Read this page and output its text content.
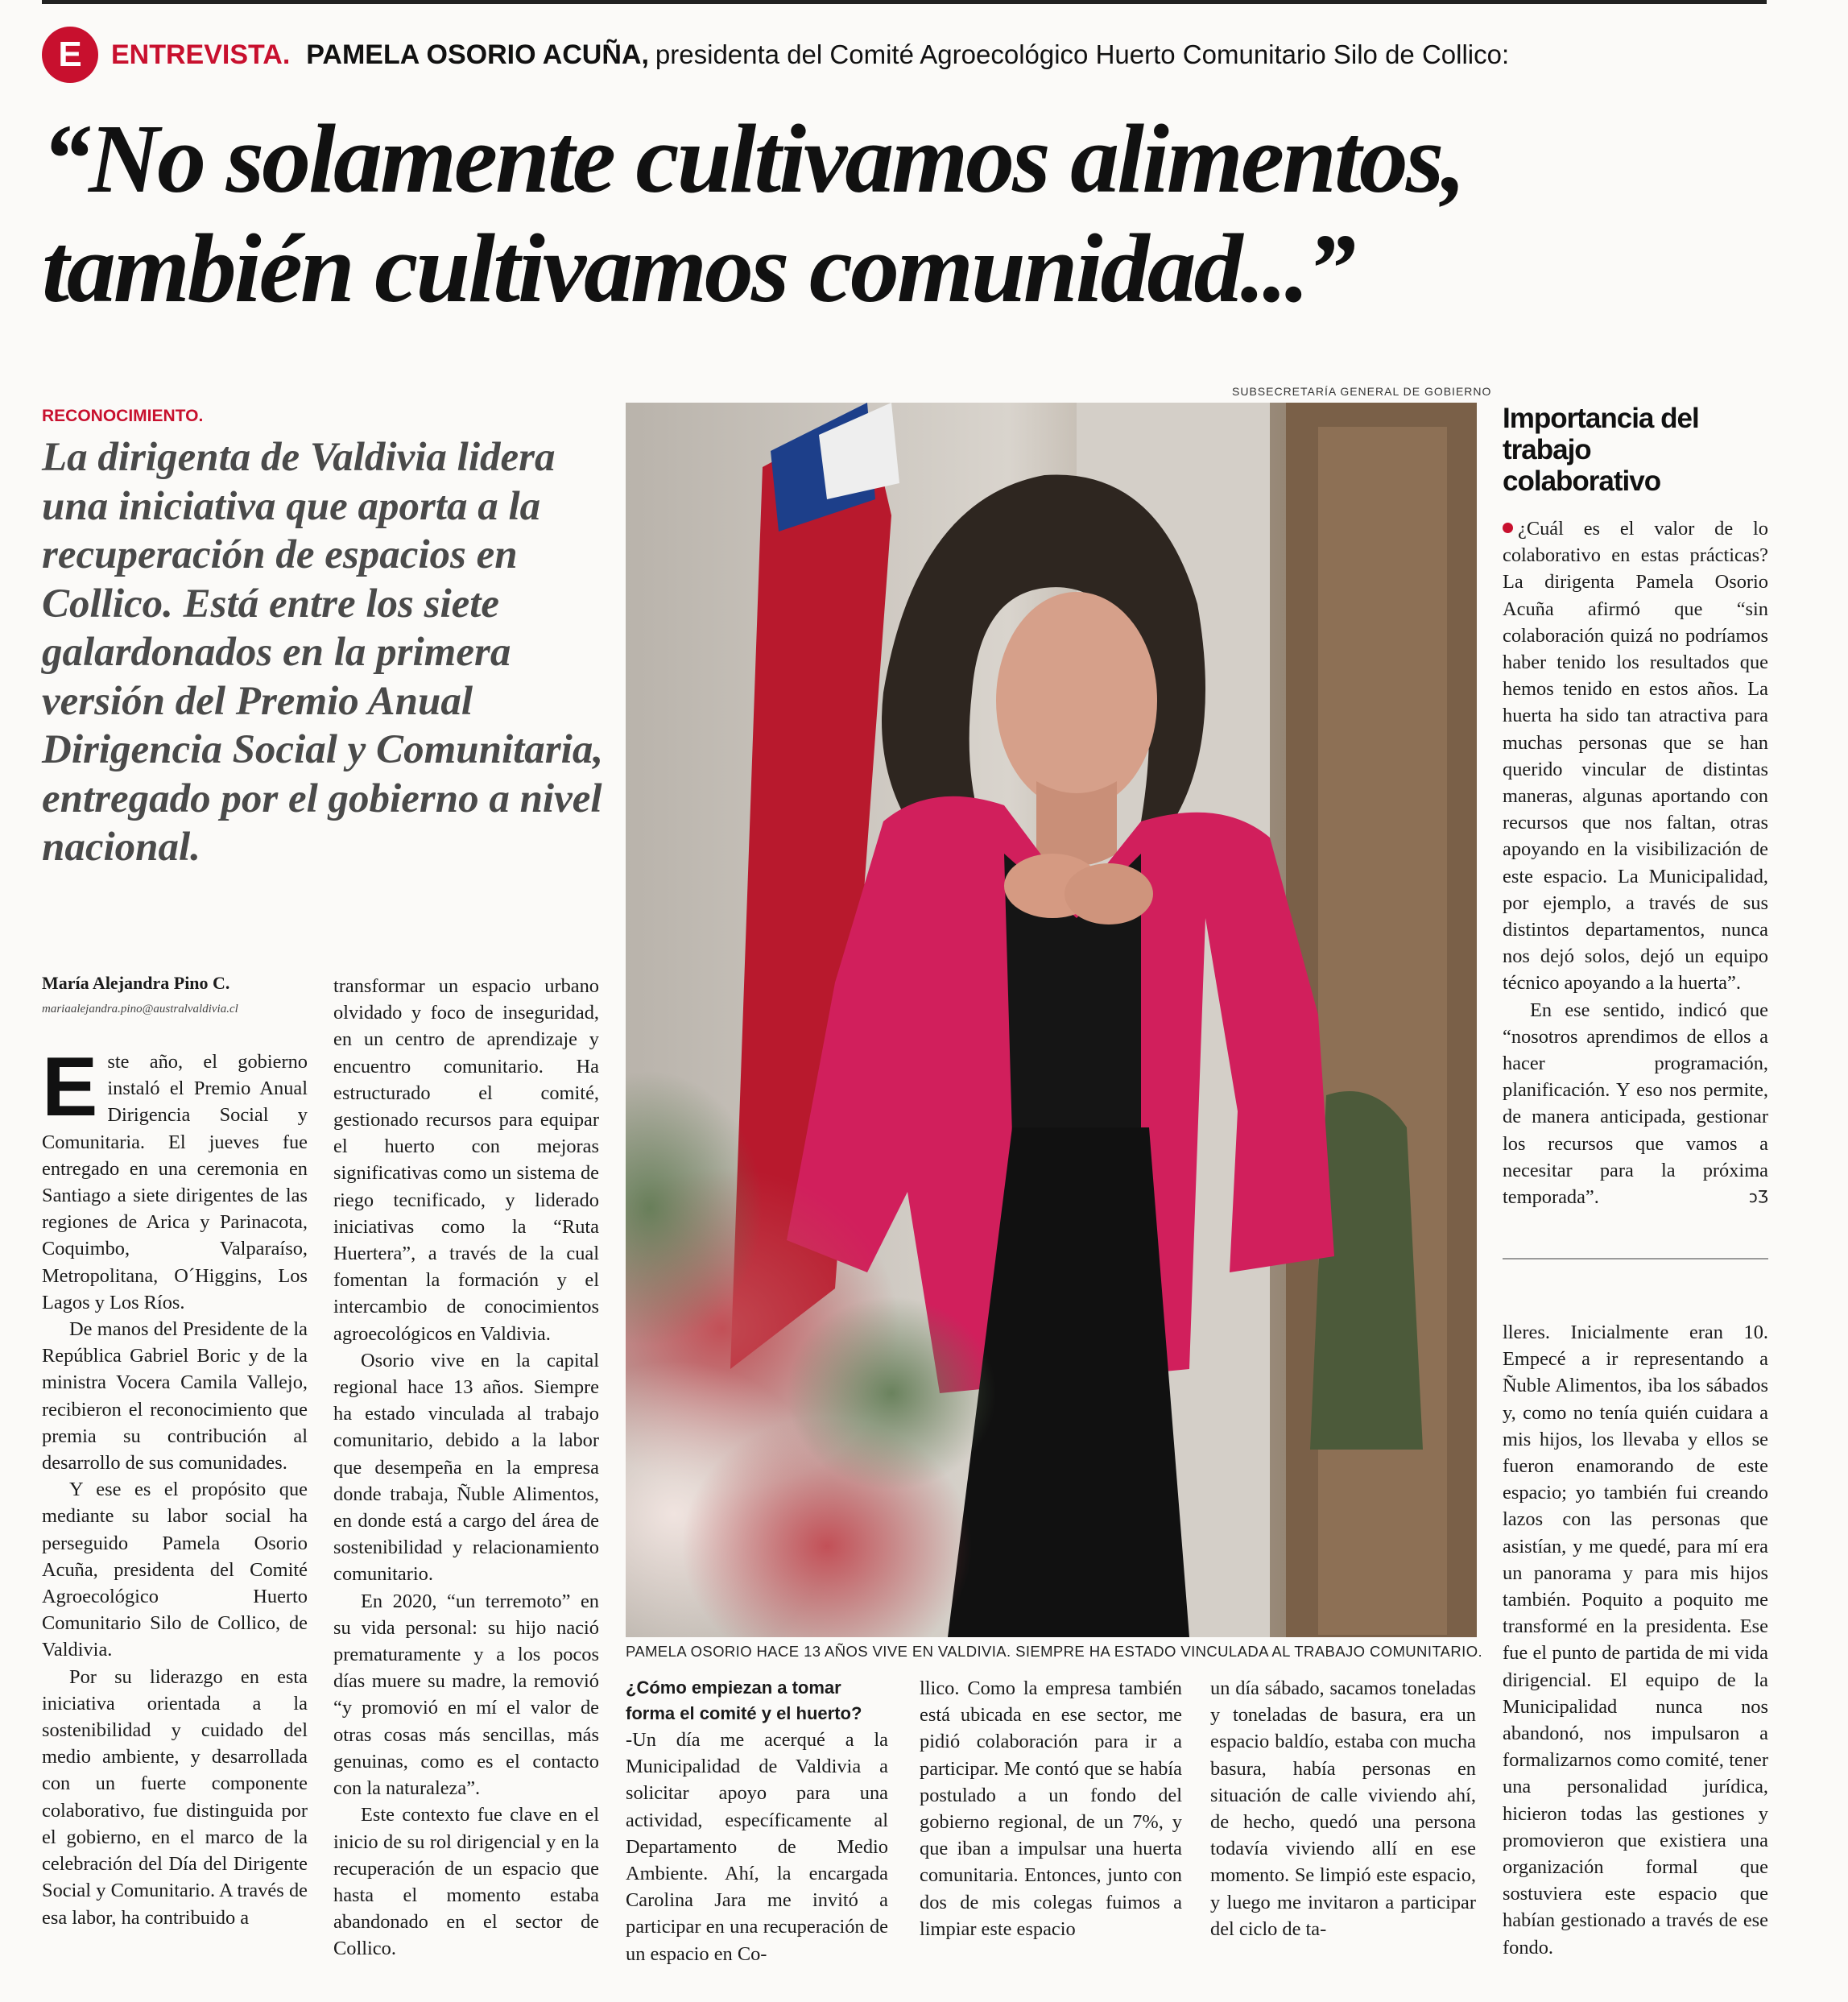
E	ENTREVISTA. PAMELA OSORIO ACUÑA, presidenta del Comité Agroecológico Huerto Comunitario Silo de Collico:
“No solamente cultivamos alimentos,
también cultivamos comunidad...”
RECONOCIMIENTO.
La dirigenta de Valdivia lidera una iniciativa que aporta a la recuperación de espacios en Collico. Está entre los siete galardonados en la primera versión del Premio Anual Dirigencia Social y Comunitaria, entregado por el gobierno a nivel nacional.
María Alejandra Pino C.
mariaalejandra.pino@australvaldivia.cl

Este año, el gobierno instaló el Premio Anual Dirigencia Social y Comunitaria. El jueves fue entregado en una ceremonia en Santiago a siete dirigentes de las regiones de Arica y Parinacota, Coquimbo, Valparaíso, Metropolitana, O´Higgins, Los Lagos y Los Ríos.

De manos del Presidente de la República Gabriel Boric y de la ministra Vocera Camila Vallejo, recibieron el reconocimiento que premia su contribución al desarrollo de sus comunidades.

Y ese es el propósito que mediante su labor social ha perseguido Pamela Osorio Acuña, presidenta del Comité Agroecológico Huerto Comunitario Silo de Collico, de Valdivia.

Por su liderazgo en esta iniciativa orientada a la sostenibilidad y cuidado del medio ambiente, y desarrollada con un fuerte componente colaborativo, fue distinguida por el gobierno, en el marco de la celebración del Día del Dirigente Social y Comunitario. A través de esa labor, ha contribuido a

transformar un espacio urbano olvidado y foco de inseguridad, en un centro de aprendizaje y encuentro comunitario. Ha estructurado el comité, gestionado recursos para equipar el huerto con mejoras significativas como un sistema de riego tecnificado, y liderado iniciativas como la “Ruta Huertera”, a través de la cual fomentan la formación y el intercambio de conocimientos agroecológicos en Valdivia.

Osorio vive en la capital regional hace 13 años. Siempre ha estado vinculada al trabajo comunitario, debido a la labor que desempeña en la empresa donde trabaja, Ñuble Alimentos, en donde está a cargo del área de sostenibilidad y relacionamiento comunitario.

En 2020, “un terremoto” en su vida personal: su hijo nació prematuramente y a los pocos días muere su madre, la removió “y promovió en mí el valor de otras cosas más sencillas, más genuinas, como es el contacto con la naturaleza”.

Este contexto fue clave en el inicio de su rol dirigencial y en la recuperación de un espacio que hasta el momento estaba abandonado en el sector de Collico.

SUBSECRETARÍA GENERAL DE GOBIERNO
PAMELA OSORIO HACE 13 AÑOS VIVE EN VALDIVIA. SIEMPRE HA ESTADO VINCULADA AL TRABAJO COMUNITARIO.
¿Cómo empiezan a tomar forma el comité y el huerto?

-Un día me acerqué a la Municipalidad de Valdivia a solicitar apoyo para una actividad, específicamente al Departamento de Medio Ambiente. Ahí, la encargada Carolina Jara me invitó a participar en una recuperación de un espacio en Co-

llico. Como la empresa también está ubicada en ese sector, me pidió colaboración para ir a participar. Me contó que se había postulado a un fondo del gobierno regional, de un 7%, y que iban a impulsar una huerta comunitaria. Entonces, junto con dos de mis colegas fuimos a limpiar este espacio

un día sábado, sacamos toneladas y toneladas de basura, era un espacio baldío, estaba con mucha basura, había personas en situación de calle viviendo ahí, de hecho, quedó una persona todavía viviendo allí en ese momento. Se limpió este espacio, y luego me invitaron a participar del ciclo de ta-

Importancia del trabajo colaborativo

¿Cuál es el valor de lo colaborativo en estas prácticas? La dirigenta Pamela Osorio Acuña afirmó que “sin colaboración quizá no podríamos haber tenido los resultados que hemos tenido en estos años. La huerta ha sido tan atractiva para muchas personas que se han querido vincular de distintas maneras, algunas aportando con recursos que nos faltan, otras apoyando en la visibilización de este espacio. La Municipalidad, por ejemplo, a través de sus distintos departamentos, nunca nos dejó solos, dejó un equipo técnico apoyando a la huerta”.

En ese sentido, indicó que “nosotros aprendimos de ellos a hacer programación, planificación. Y eso nos permite, de manera anticipada, gestionar los recursos que vamos a necesitar para la próxima temporada”.	ↄƷ

lleres. Inicialmente eran 10. Empecé a ir representando a Ñuble Alimentos, iba los sábados y, como no tenía quién cuidara a mis hijos, los llevaba y ellos se fueron enamorando de este espacio; yo también fui creando lazos con las personas que asistían, y me quedé, para mí era un panorama y para mis hijos también. Poquito a poquito me transformé en la presidenta. Ese fue el punto de partida de mi vida dirigencial. El equipo de la Municipalidad nunca nos abandonó, nos impulsaron a formalizarnos como comité, tener una personalidad jurídica, hicieron todas las gestiones y promovieron que existiera una organización formal que sostuviera este espacio que habían gestionado a través de ese fondo.
